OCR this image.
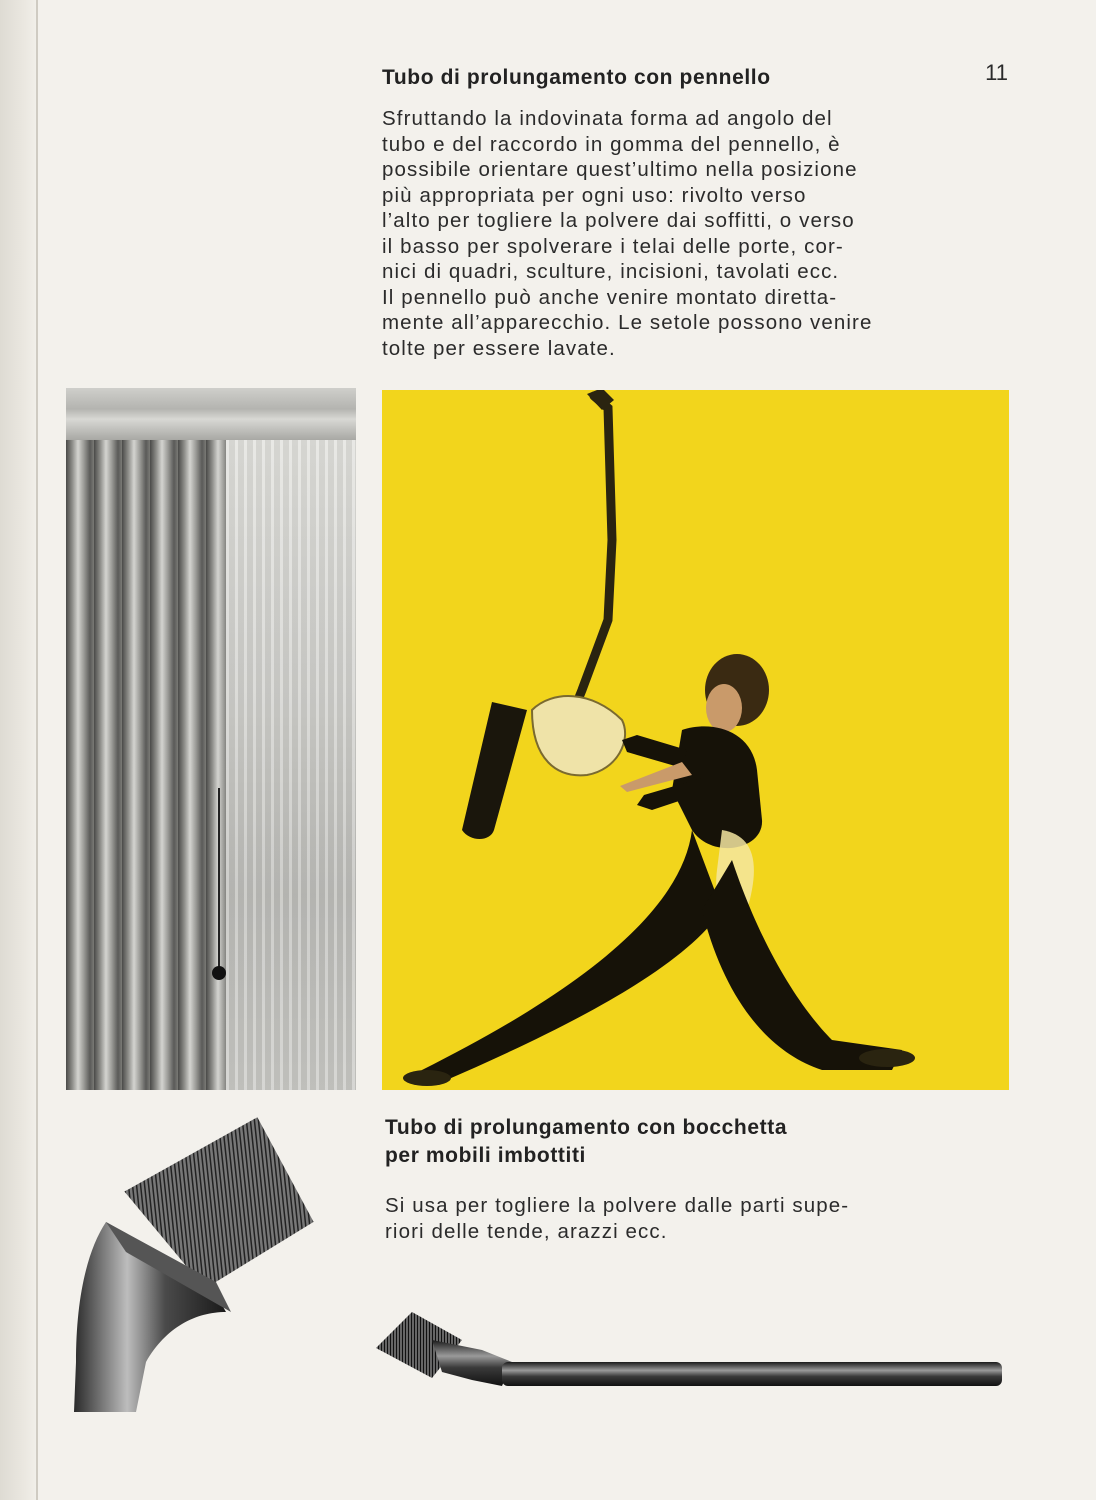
11

Tubo di prolungamento con pennello

Sfruttando la indovinata forma ad angolo del
tubo e del raccordo in gomma del pennello, è
possibile orientare quest’ultimo nella posizione
più appropriata per ogni uso: rivolto verso
l’alto per togliere la polvere dai soffitti, o verso
il basso per spolverare i telai delle porte, cor-
nici di quadri, sculture, incisioni, tavolati ecc.
Il pennello può anche venire montato diretta-
mente all’apparecchio. Le setole possono venire
tolte per essere lavate.

Tubo di prolungamento con bocchetta
per mobili imbottiti

Si usa per togliere la polvere dalle parti supe-
riori delle tende, arazzi ecc.
